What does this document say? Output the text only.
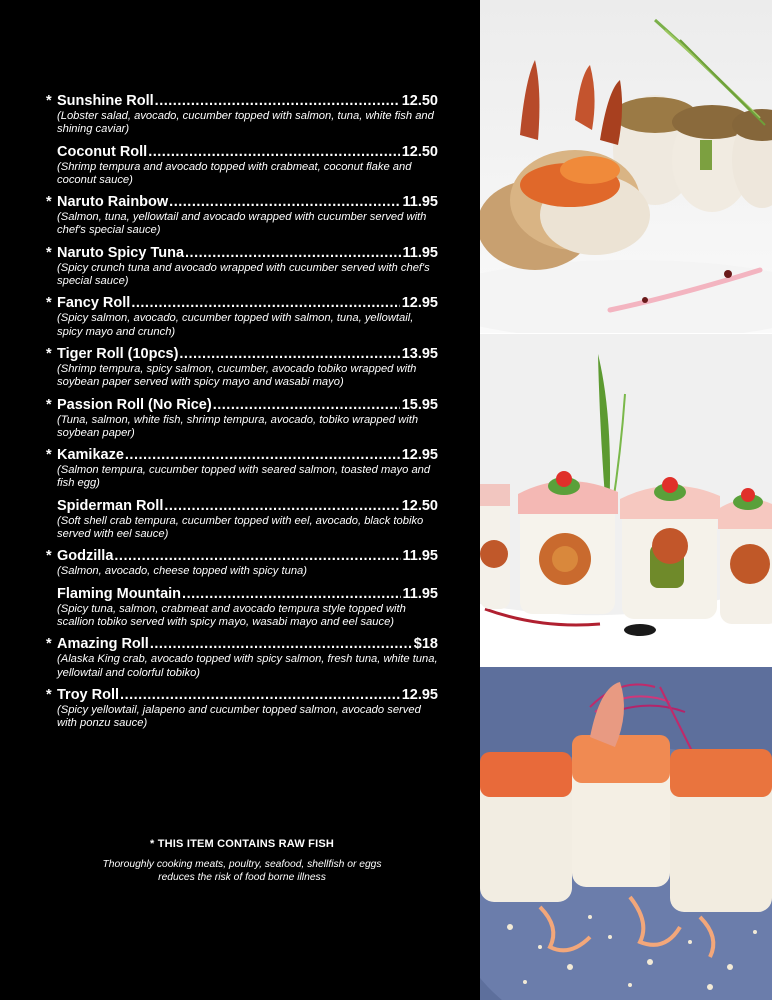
* Sunshine Roll .....	12.50
(Lobster salad, avocado, cucumber topped with salmon, tuna, white fish and shining caviar)
Coconut Roll .....	12.50
(Shrimp tempura and avocado topped with crabmeat, coconut flake and coconut sauce)
* Naruto Rainbow .....	11.95
(Salmon, tuna, yellowtail and avocado wrapped with cucumber served with chef's special sauce)
* Naruto Spicy Tuna .....	11.95
(Spicy crunch tuna and avocado wrapped with cucumber served with chef's special sauce)
* Fancy Roll .....	12.95
(Spicy salmon, avocado, cucumber topped with salmon, tuna, yellowtail, spicy mayo and crunch)
* Tiger Roll (10pcs) .....	13.95
(Shrimp tempura, spicy salmon, cucumber, avocado tobiko wrapped with soybean paper served with spicy mayo and wasabi mayo)
* Passion Roll (No Rice) .....	15.95
(Tuna, salmon, white fish, shrimp tempura, avocado, tobiko wrapped with soybean paper)
* Kamikaze .....	12.95
(Salmon tempura, cucumber topped with seared salmon, toasted mayo and fish egg)
Spiderman Roll .....	12.50
(Soft shell crab tempura, cucumber topped with eel, avocado, black tobiko served with eel sauce)
* Godzilla .....	11.95
(Salmon, avocado, cheese topped with spicy tuna)
Flaming Mountain .....	11.95
(Spicy tuna, salmon, crabmeat and avocado tempura style topped with scallion tobiko served with spicy mayo, wasabi mayo and eel sauce)
* Amazing Roll .....	$18
(Alaska King crab, avocado topped with spicy salmon, fresh tuna, white tuna, yellowtail and colorful tobiko)
* Troy Roll .....	12.95
(Spicy yellowtail, jalapeno and cucumber topped salmon, avocado served with ponzu sauce)
* THIS ITEM CONTAINS RAW FISH
Thoroughly cooking meats, poultry, seafood, shellfish or eggs
reduces the risk of food borne illness
